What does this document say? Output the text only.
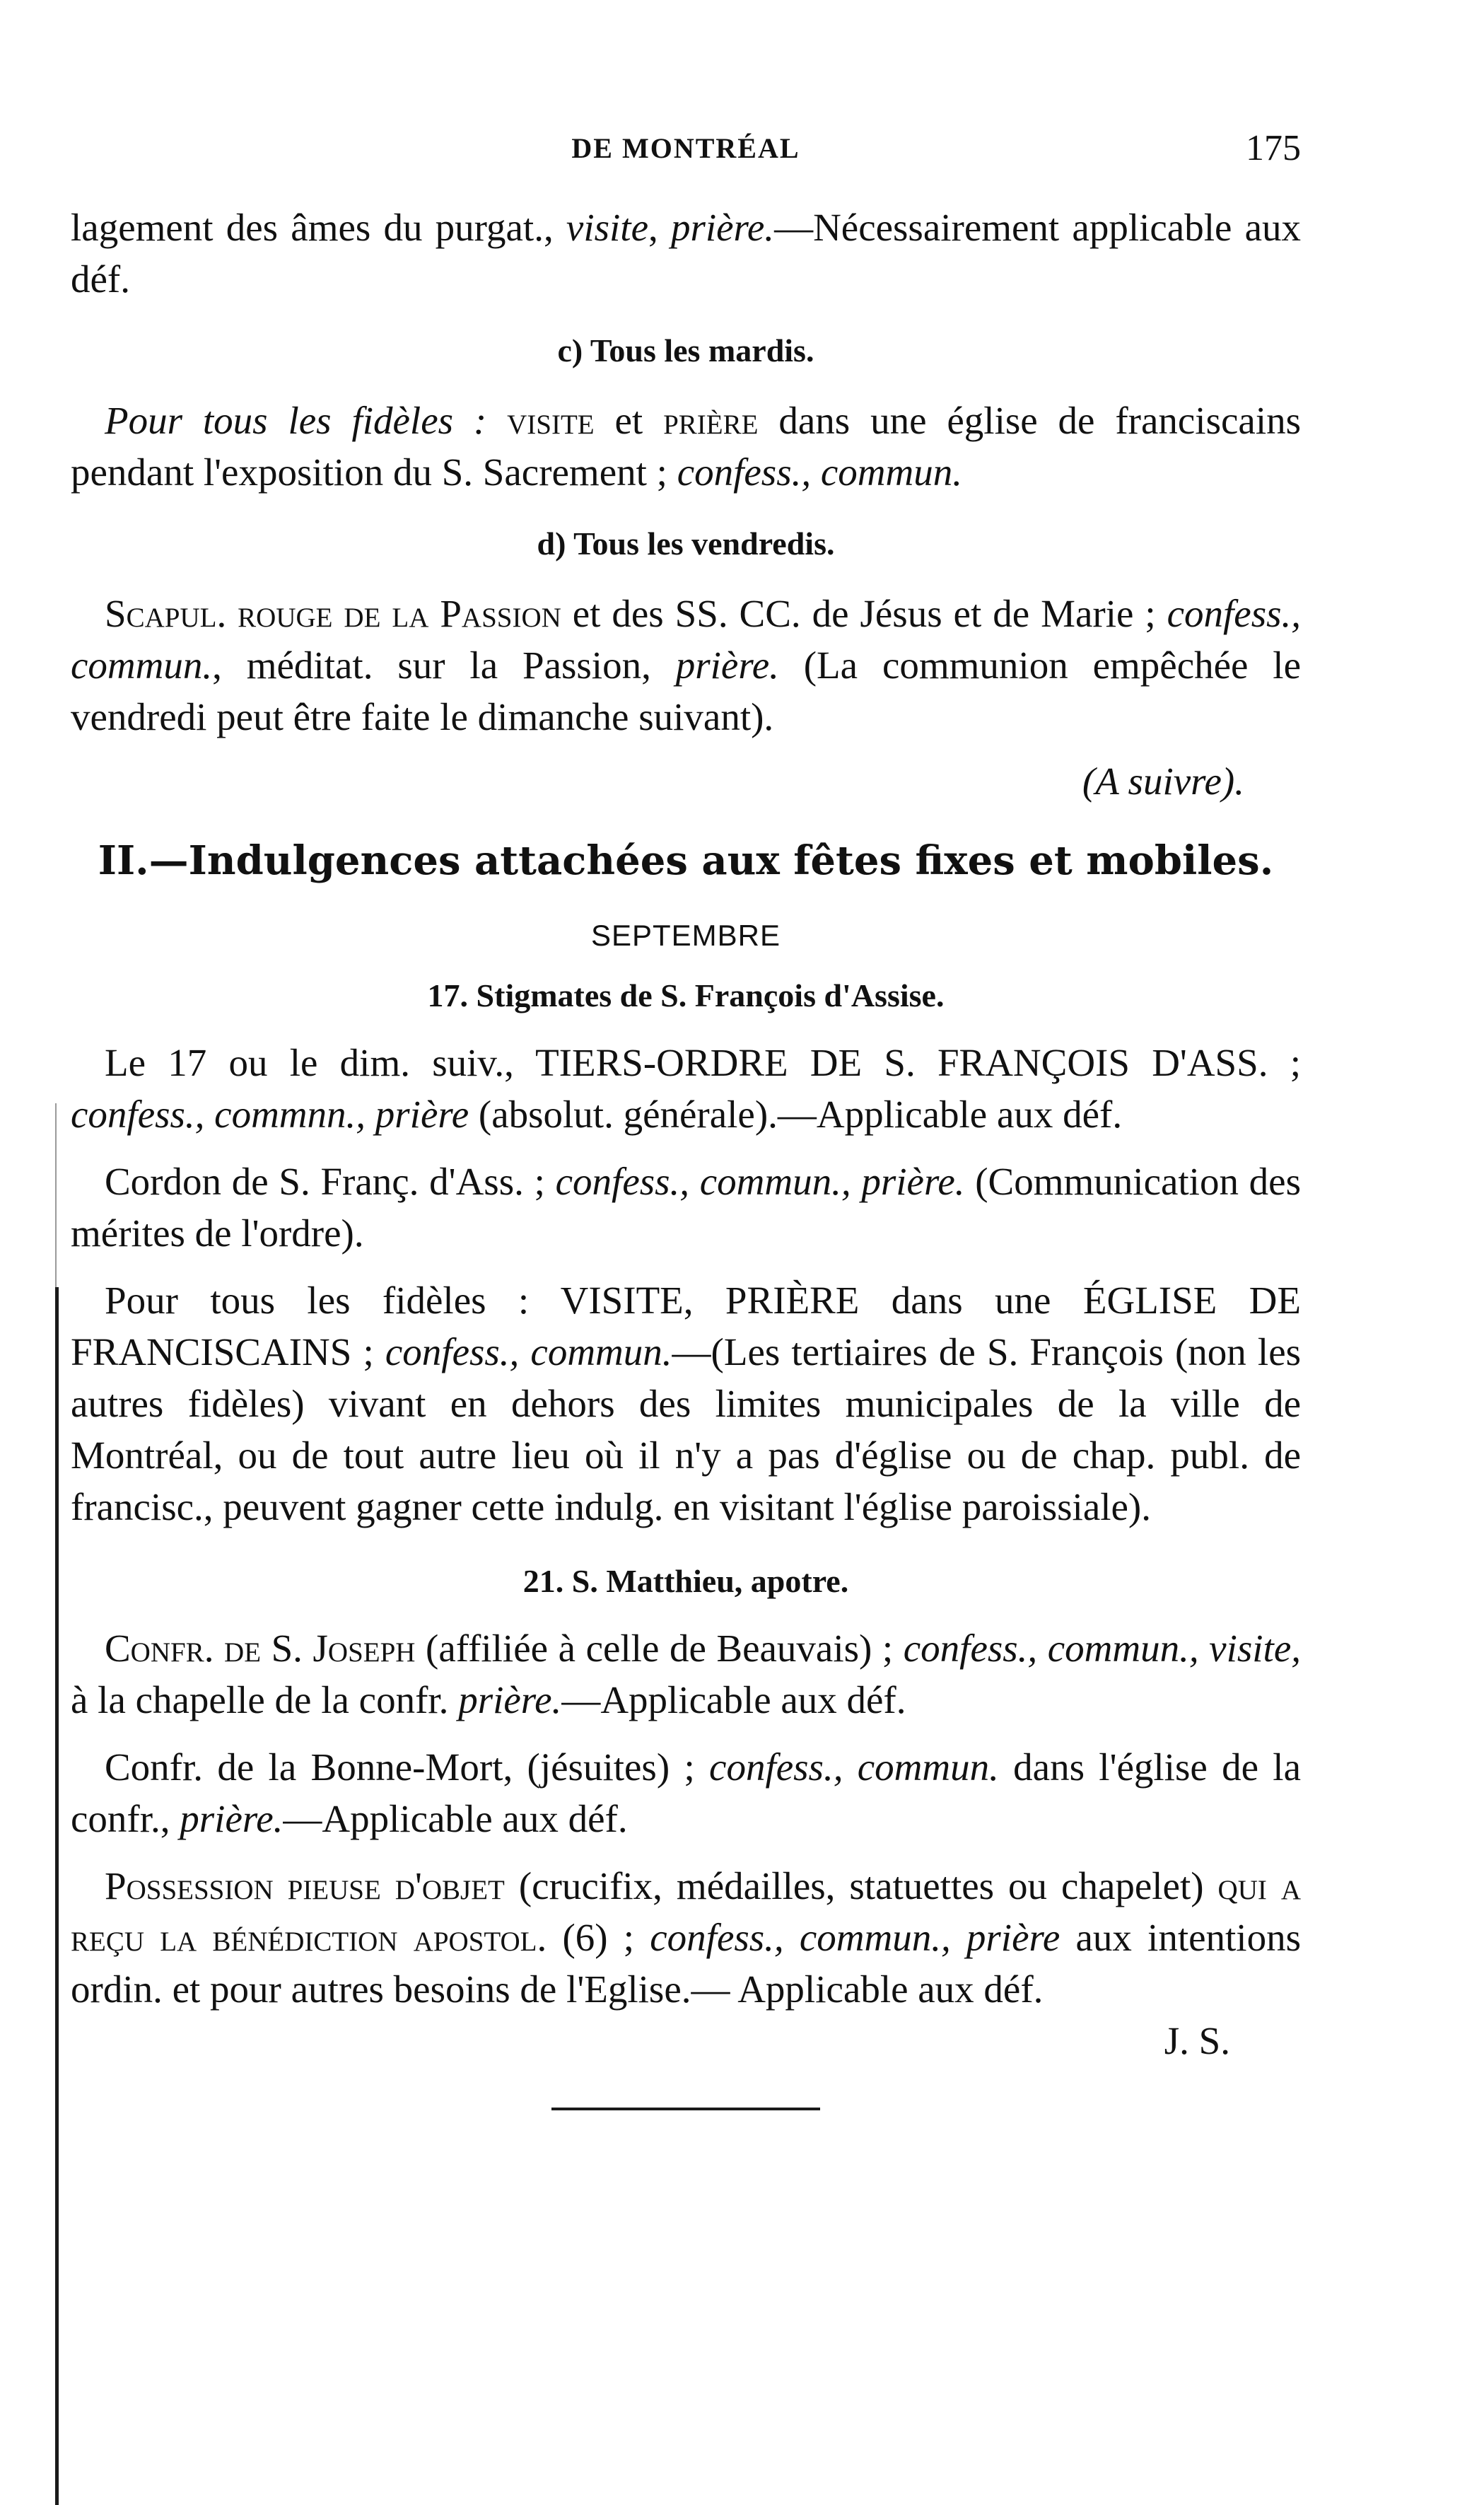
DE MONTRÉAL	175

lagement des âmes du purgat., visite, prière.—Nécessairement applicable aux déf.

c) Tous les mardis.

Pour tous les fidèles : visite et prière dans une église de franciscains pendant l'exposition du S. Sacrement ; confess., commun.

d) Tous les vendredis.

Scapul. rouge de la Passion et des SS. CC. de Jésus et de Marie ; confess., commun., méditat. sur la Passion, prière. (La communion empêchée le vendredi peut être faite le dimanche suivant).

(A suivre).

II.—Indulgences attachées aux fêtes fixes et mobiles.

SEPTEMBRE

17. Stigmates de S. François d'Assise.

Le 17 ou le dim. suiv., TIERS-ORDRE DE S. FRANÇOIS D'ASS. ; confess., commnn., prière (absolut. générale).—Applicable aux déf.

Cordon de S. Franç. d'Ass. ; confess., commun., prière. (Communication des mérites de l'ordre).

Pour tous les fidèles : VISITE, PRIÈRE dans une ÉGLISE DE FRANCISCAINS ; confess., commun.—(Les tertiaires de S. François (non les autres fidèles) vivant en dehors des limites municipales de la ville de Montréal, ou de tout autre lieu où il n'y a pas d'église ou de chap. publ. de francisc., peuvent gagner cette indulg. en visitant l'église paroissiale).

21. S. Matthieu, apotre.

Confr. de S. Joseph (affiliée à celle de Beauvais) ; confess., commun., visite, à la chapelle de la confr. prière.—Applicable aux déf.

Confr. de la Bonne-Mort, (jésuites) ; confess., commun. dans l'église de la confr., prière.—Applicable aux déf.

Possession pieuse d'objet (crucifix, médailles, statuettes ou chapelet) qui a reçu la bénédiction apostol. (6) ; confess., commun., prière aux intentions ordin. et pour autres besoins de l'Eglise.— Applicable aux déf.

J. S.
